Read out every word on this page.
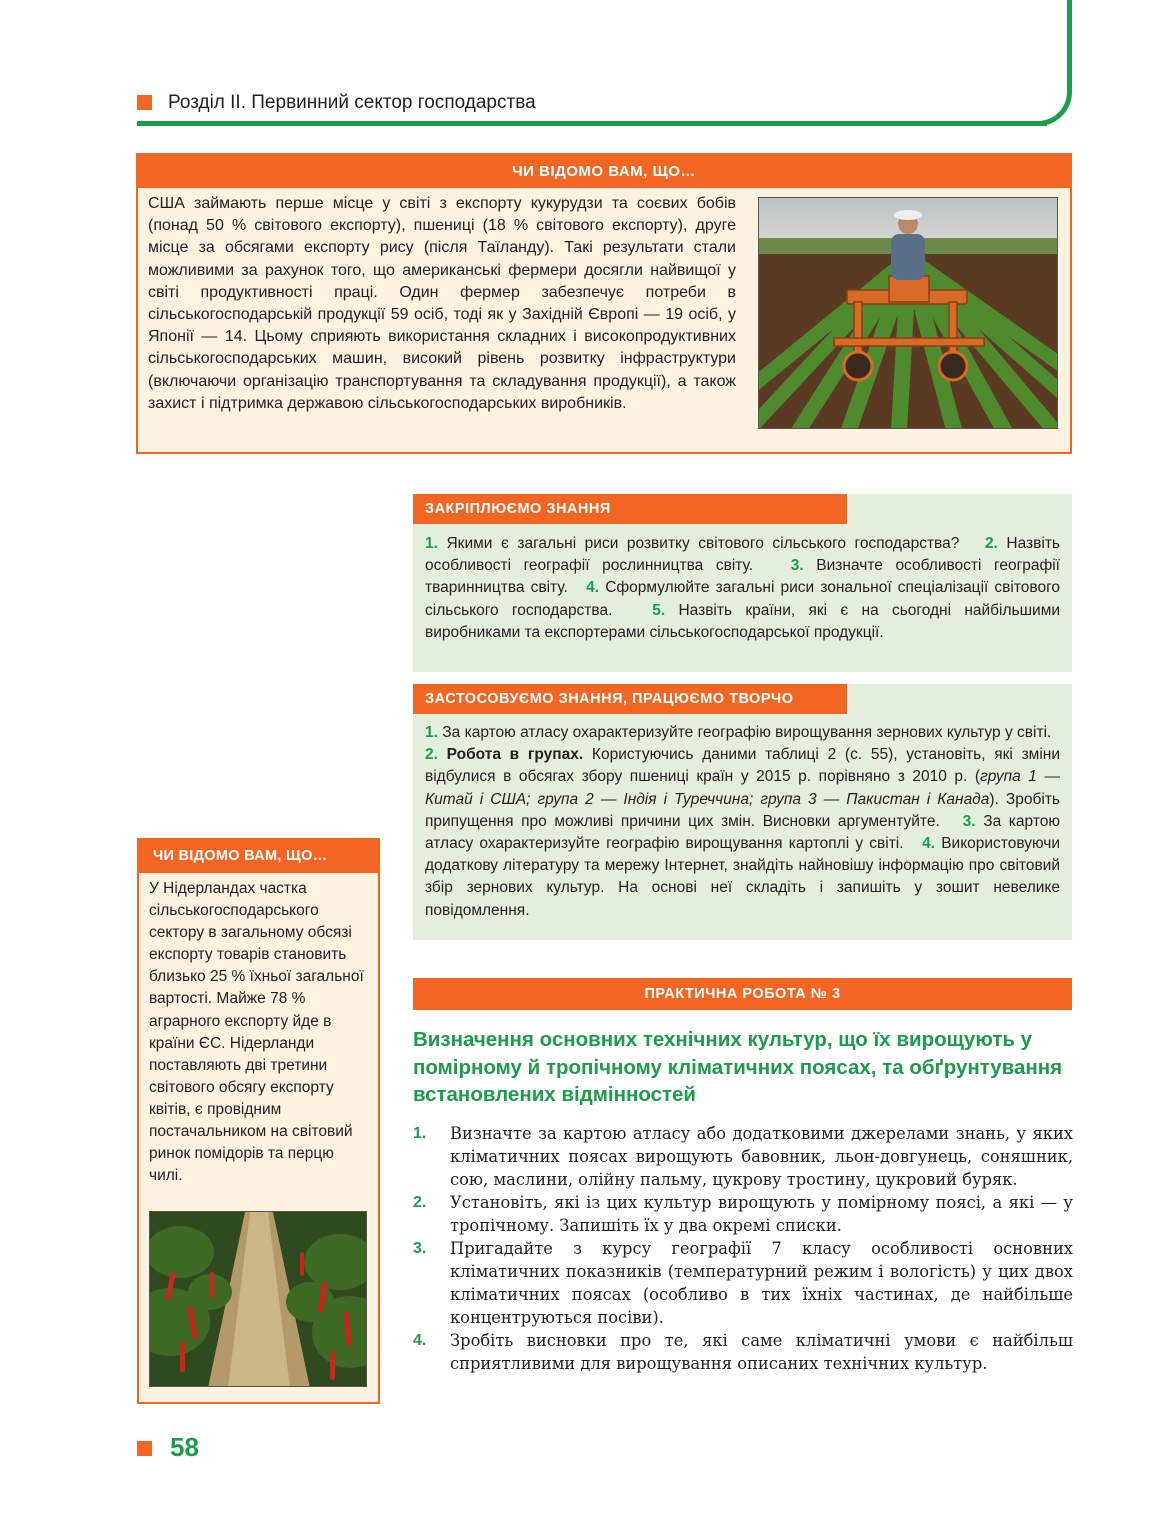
Розділ ІІ. Первинний сектор господарства
ЧИ ВІДОМО ВАМ, ЩО…
США займають перше місце у світі з експорту кукурудзи та соєвих бобів (понад 50 % світового експорту), пшениці (18 % світового експорту), друге місце за обсягами експорту рису (після Таїланду). Такі результати стали можливими за рахунок того, що американські фермери досягли найвищої у світі продуктивності праці. Один фермер забезпечує потреби в сільськогосподарській продукції 59 осіб, тоді як у Західній Європі — 19 осіб, у Японії — 14. Цьому сприяють використання складних і високопродуктивних сільськогосподарських машин, високий рівень розвитку інфраструктури (включаючи організацію транспортування та складування продукції), а також захист і підтримка державою сільськогосподарських виробників.
ЗАКРІПЛЮЄМО ЗНАННЯ
1. Якими є загальні риси розвитку світового сільського господарства? 2. Назвіть особливості географії рослинництва світу. 3. Визначте особливості географії тваринництва світу. 4. Сформулюйте загальні риси зональної спеціалізації світового сільського господарства.	5. Назвіть країни, які є на сьогодні найбільшими виробниками та експортерами сільськогосподарської продукції.
ЗАСТОСОВУЄМО ЗНАННЯ, ПРАЦЮЄМО ТВОРЧО
1. За картою атласу охарактеризуйте географію вирощування зернових культур у світі.   2. Робота в групах. Користуючись даними таблиці 2 (с. 55), установіть, які зміни відбулися в обсягах збору пшениці країн у 2015 р. порівняно з 2010 р. (група 1 — Китай і США; група 2 — Індія і Туреччина; група 3 — Пакистан і Канада). Зробіть припущення про можливі причини цих змін. Висновки аргументуйте. 3. За картою атласу охарактеризуйте географію вирощування картоплі у світі. 4. Використовуючи додаткову літературу та мережу Інтернет, знайдіть найновішу інформацію про світовий збір зернових культур. На основі неї складіть і запишіть у зошит невелике повідомлення.
ЧИ ВІДОМО ВАМ, ЩО…
У Нідерландах частка сільськогосподарського сектору в загальному обсязі експорту товарів становить близько 25 % їхньої загальної вартості. Майже 78 % аграрного експорту йде в країни ЄС. Нідерланди поставляють дві третини світового обсягу експорту квітів, є провідним постачальником на світовий ринок помідорів та перцю чилі.
ПРАКТИЧНА РОБОТА № 3
Визначення основних технічних культур, що їх вирощують у помірному й тропічному кліматичних поясах, та обґрунтування встановлених відмінностей
1. Визначте за картою атласу або додатковими джерелами знань, у яких кліматичних поясах вирощують бавовник, льон-довгунець, соняшник, сою, маслини, олійну пальму, цукрову тростину, цукровий буряк.
2. Установіть, які із цих культур вирощують у помірному поясі, а які — у тропічному. Запишіть їх у два окремі списки.
3. Пригадайте з курсу географії 7 класу особливості основних кліматичних показників (температурний режим і вологість) у цих двох кліматичних поясах (особливо в тих їхніх частинах, де найбільше концентруються посіви).
4. Зробіть висновки про те, які саме кліматичні умови є найбільш сприятливими для вирощування описаних технічних культур.
58
